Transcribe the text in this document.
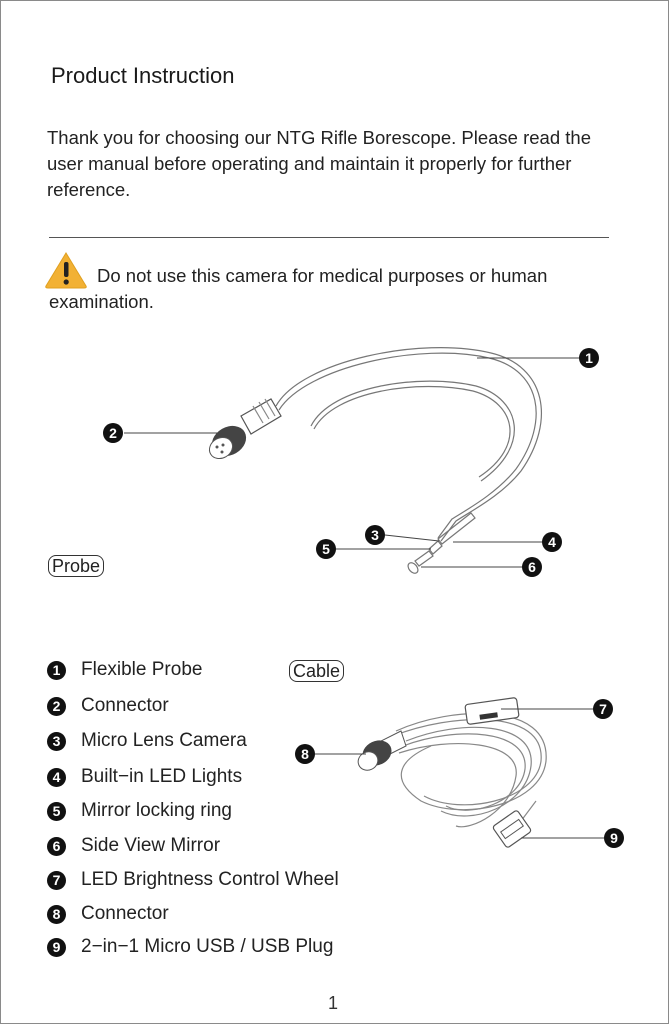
Product Instruction
Thank you for choosing our NTG Rifle Borescope. Please read the user manual before operating and maintain it properly for further reference.
Do not use this camera for medical purposes or human examination.
1
2
3	4
5
6
7
8
9
Probe
Cable
1 Flexible Probe
2 Connector
3 Micro Lens Camera
4 Built−in LED Lights
5 Mirror locking ring
6 Side View Mirror
7 LED Brightness Control Wheel
8 Connector
9 2−in−1 Micro USB / USB Plug
1
